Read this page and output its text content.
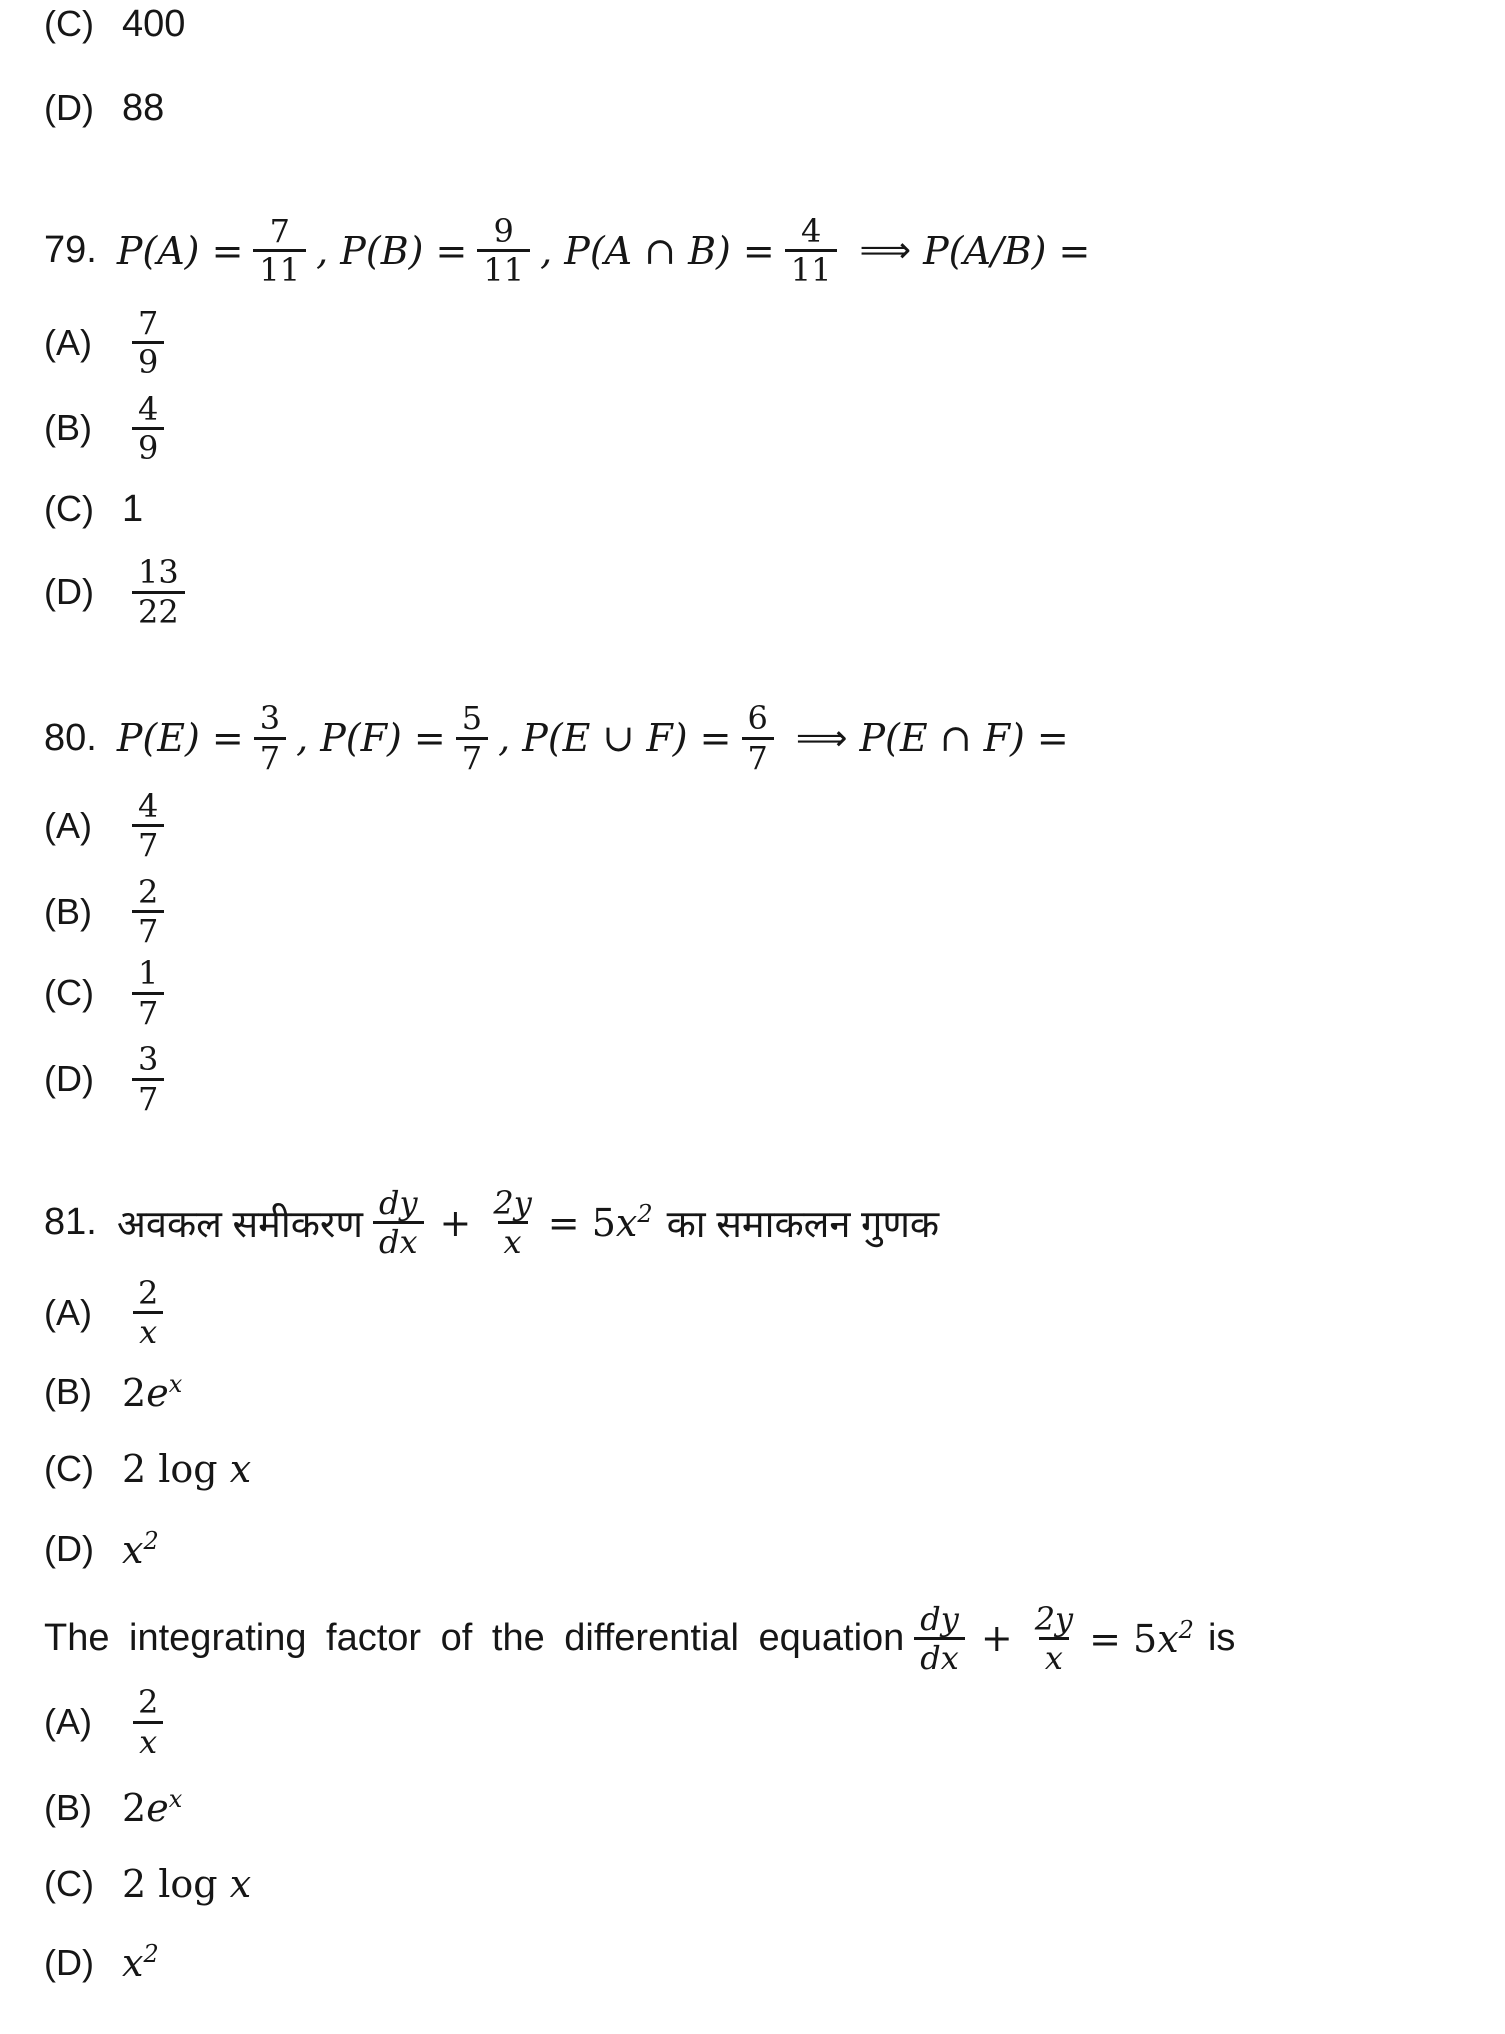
(C) 400
(D) 88
79. $P(A) = \frac{7}{11}$ , $P(B) = \frac{9}{11}$ , P(A ∩ $B) = \frac{4}{11}$ ⟹ P(A/B) =
(A)	$\frac{7}{9}$
(B)	$\frac{4}{9}$
(C) 1
$(D) \frac{13}{22}$
80. $P(E) = \frac{3}{7}$ , $P(F) = \frac{5}{7}$ , P(E ∪ $F) = \frac{6}{7}$ ⟹ P(E ∩ F) =
(A)	$\frac{4}{7}$
(B)	$\frac{2}{7}$
$(C) \frac{1}{7}$
$(D) \frac{3}{7}$
81. अवकल समीकरण $\frac{dy}{dx} + \frac{2y}{x} = 5x2$ का समाकलन गुणक
(A)	$\frac{2}{x}$
(B) 2ex
(C) 2 log x
(D) x2
The integrating factor of the differential equation $\frac{dy}{dx} + \frac{2y}{x} = 5x2$ is
(A)	$\frac{2}{x}$
(B) 2ex
(C) 2 log x
(D) x2
